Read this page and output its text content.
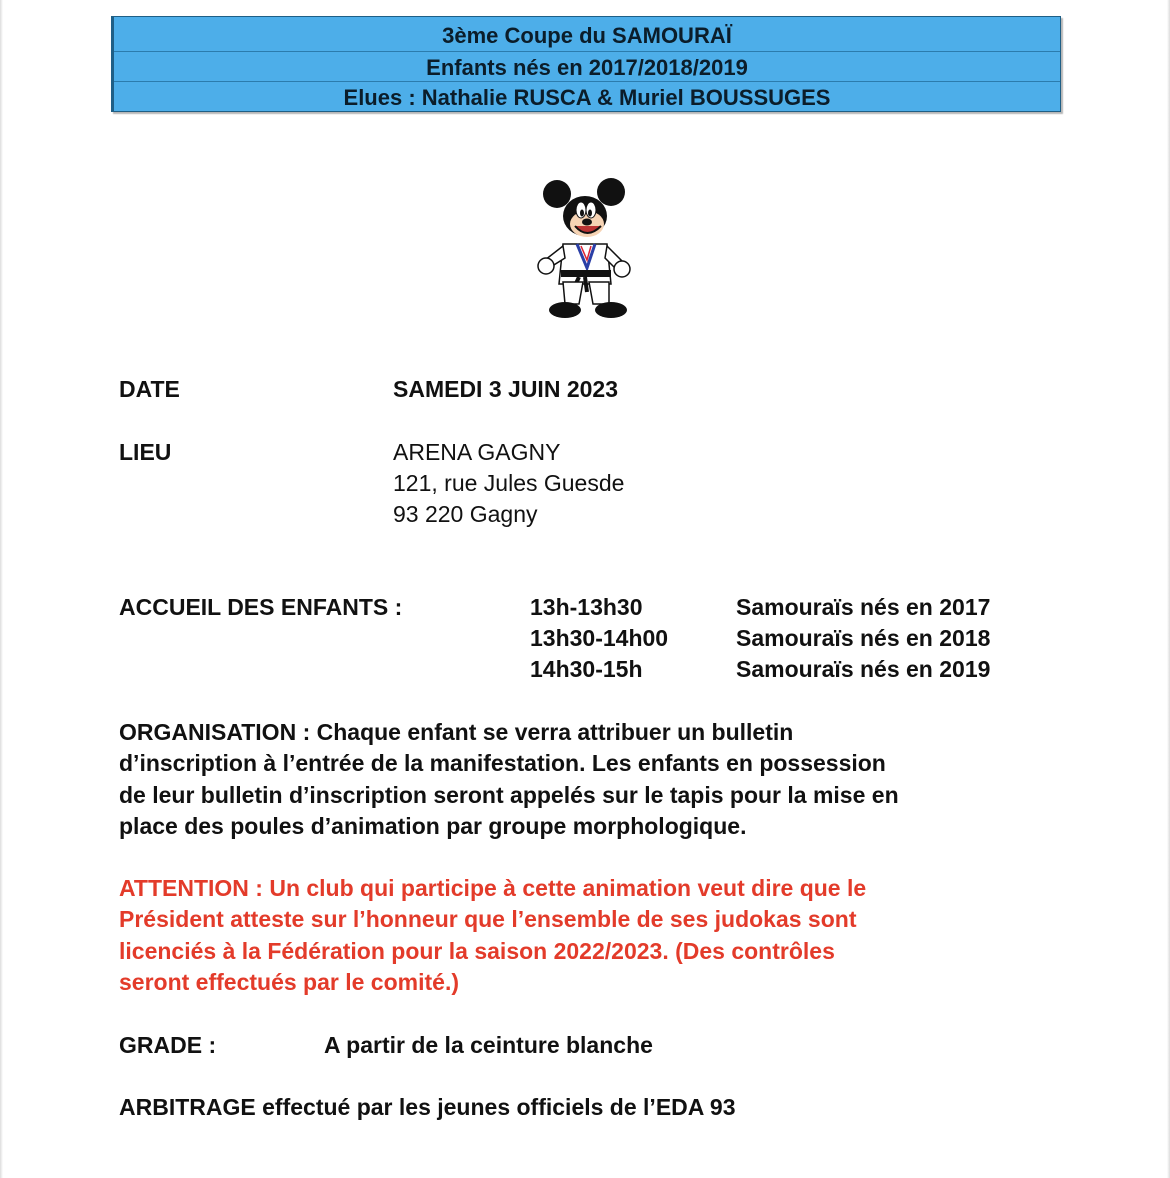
3ème Coupe du SAMOURAÏ
Enfants nés en 2017/2018/2019
Elues : Nathalie RUSCA & Muriel BOUSSUGES
DATE	SAMEDI 3 JUIN 2023
LIEU	ARENA GAGNY
121, rue Jules Guesde
93 220 Gagny
ACCUEIL DES ENFANTS :	13h-13h30	Samouraïs nés en 2017
13h30-14h00	Samouraïs nés en 2018
14h30-15h	Samouraïs nés en 2019
ORGANISATION : Chaque enfant se verra attribuer un bulletin
d’inscription à l’entrée de la manifestation. Les enfants en possession
de leur bulletin d’inscription seront appelés sur le tapis pour la mise en
place des poules d’animation par groupe morphologique.
ATTENTION : Un club qui participe à cette animation veut dire que le
Président atteste sur l’honneur que l’ensemble de ses judokas sont
licenciés à la Fédération pour la saison 2022/2023. (Des contrôles
seront effectués par le comité.)
GRADE :	A partir de la ceinture blanche
ARBITRAGE effectué par les jeunes officiels de l’EDA 93
